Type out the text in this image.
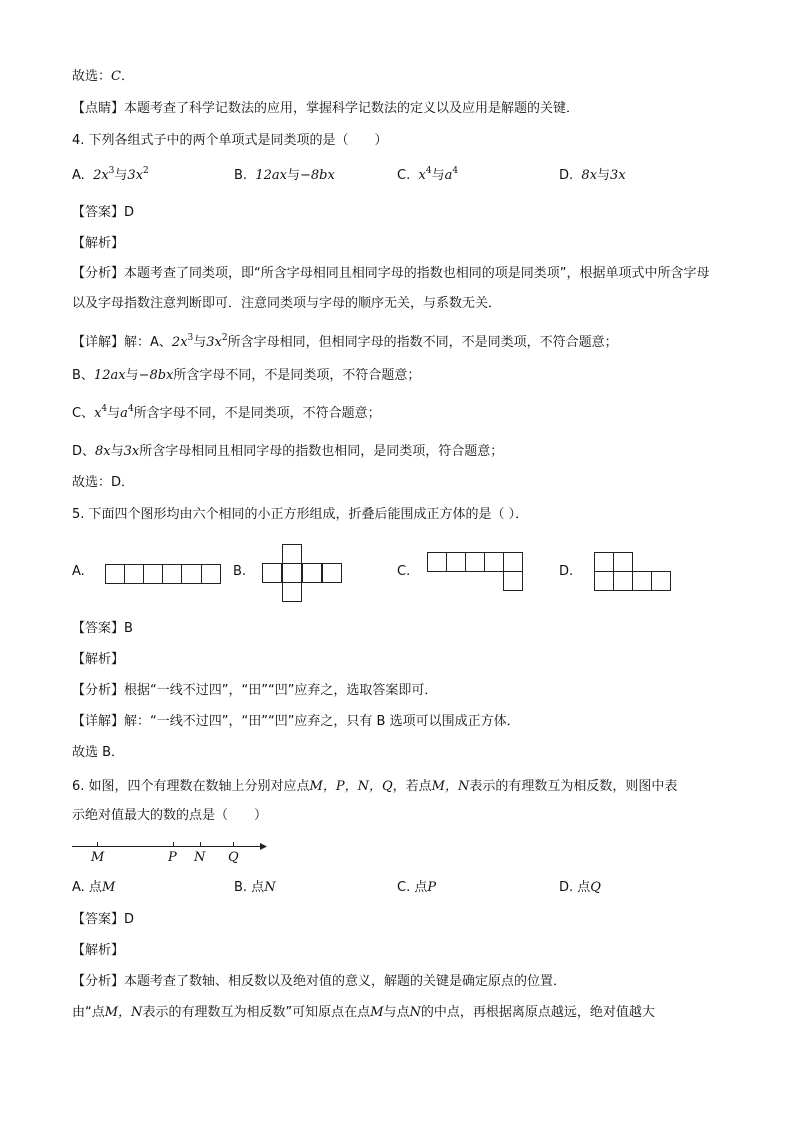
故选：C．
【点睛】本题考查了科学记数法的应用，掌握科学记数法的定义以及应用是解题的关键．
4. 下列各组式子中的两个单项式是同类项的是（　　）
A. $2x^3$与$3x^2$	B. 12ax与−8bx	C. $x^4$与$a^4$	D. 8x与3x
【答案】D
【解析】
【分析】本题考查了同类项，即“所含字母相同且相同字母的指数也相同的项是同类项”，根据单项式中所含字母以及字母指数注意判断即可．注意同类项与字母的顺序无关，与系数无关．
【详解】解：A、$2x^3$与$3x^2$所含字母相同，但相同字母的指数不同，不是同类项，不符合题意；
B、12ax与−8bx所含字母不同，不是同类项，不符合题意；
C、$x^4$与$a^4$所含字母不同，不是同类项，不符合题意；
D、8x与3x所含字母相同且相同字母的指数也相同，是同类项，符合题意；
故选：D．
5. 下面四个图形均由六个相同的小正方形组成，折叠后能围成正方体的是（ ）．
A.	B.	C.	D.
【答案】B
【解析】
【分析】根据“一线不过四”，“田”“凹”应弃之，选取答案即可．
【详解】解：“一线不过四”，“田”“凹”应弃之，只有 B 选项可以围成正方体．
故选 B．
6. 如图，四个有理数在数轴上分别对应点M，P，N，Q，若点M，N表示的有理数互为相反数，则图中表
示绝对值最大的数的点是（　　）
M	P N Q
A. 点M	B. 点N	C. 点P	D. 点Q
【答案】D
【解析】
【分析】本题考查了数轴、相反数以及绝对值的意义，解题的关键是确定原点的位置．
由“点M，N表示的有理数互为相反数”可知原点在点M与点N的中点，再根据离原点越远，绝对值越大
